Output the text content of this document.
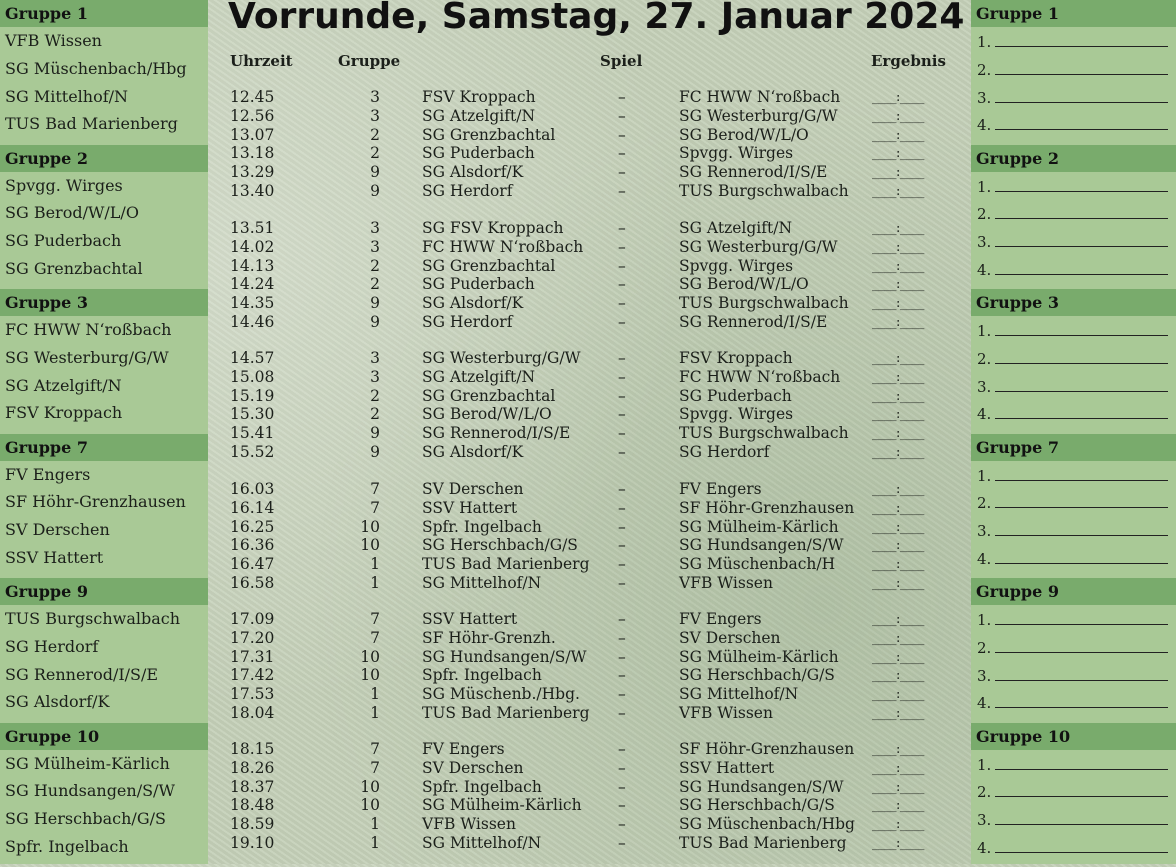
Gruppe 1
VFB Wissen
SG Müschenbach/Hbg
SG Mittelhof/N
TUS Bad Marienberg
Gruppe 2
Spvgg. Wirges
SG Berod/W/L/O
SG Puderbach
SG Grenzbachtal
Gruppe 3
FC HWW N‘roßbach
SG Westerburg/G/W
SG Atzelgift/N
FSV Kroppach
Gruppe 7
FV Engers
SF Höhr-Grenzhausen
SV Derschen
SSV Hattert
Gruppe 9
TUS Burgschwalbach
SG Herdorf
SG Rennerod/I/S/E
SG Alsdorf/K
Gruppe 10
SG Mülheim-Kärlich
SG Hundsangen/S/W
SG Herschbach/G/S
Spfr. Ingelbach
Gruppe 1
1.
2.
3.
4.
Gruppe 2
1.
2.
3.
4.
Gruppe 3
1.
2.
3.
4.
Gruppe 7
1.
2.
3.
4.
Gruppe 9
1.
2.
3.
4.
Gruppe 10
1.
2.
3.
4.
Vorrunde, Samstag, 27. Januar 2024
Uhrzeit	Gruppe	Spiel	Ergebnis
12.45	3	FSV Kroppach	–	FC HWW N‘roßbach ____:____
12.56	3	SG Atzelgift/N	–	SG Westerburg/G/W	____:____
13.07	2	SG Grenzbachtal	–	SG Berod/W/L/O	____:____
13.18	2	SG Puderbach	–	Spvgg. Wirges	____:____
13.29	9	SG Alsdorf/K	–	SG Rennerod/I/S/E	____:____
13.40	9	SG Herdorf	–	TUS Burgschwalbach ____:____
13.51	3	SG FSV Kroppach	–	SG Atzelgift/N	____:____
14.02	3	FC HWW N‘roßbach –	SG Westerburg/G/W	____:____
14.13	2	SG Grenzbachtal	–	Spvgg. Wirges	____:____
14.24	2	SG Puderbach	–	SG Berod/W/L/O	____:____
14.35	9	SG Alsdorf/K	–	TUS Burgschwalbach ____:____
14.46	9	SG Herdorf	–	SG Rennerod/I/S/E	____:____
14.57	3	SG Westerburg/G/W –	FSV Kroppach	____:____
15.08	3	SG Atzelgift/N	–	FC HWW N‘roßbach ____:____
15.19	2	SG Grenzbachtal	–	SG Puderbach	____:____
15.30	2	SG Berod/W/L/O	–	Spvgg. Wirges	____:____
15.41	9	SG Rennerod/I/S/E	–	TUS Burgschwalbach ____:____
15.52	9	SG Alsdorf/K	–	SG Herdorf	____:____
16.03	7	SV Derschen	–	FV Engers	____:____
16.14	7	SSV Hattert	–	SF Höhr-Grenzhausen ____:____
16.25	10	Spfr. Ingelbach	–	SG Mülheim-Kärlich	____:____
16.36	10	SG Herschbach/G/S	–	SG Hundsangen/S/W ____:____
16.47	1	TUS Bad Marienberg –	SG Müschenbach/H	____:____
16.58	1	SG Mittelhof/N	–	VFB Wissen	____:____
17.09	7	SSV Hattert	–	FV Engers	____:____
17.20	7	SF Höhr-Grenzh.	–	SV Derschen	____:____
17.31	10	SG Hundsangen/S/W –	SG Mülheim-Kärlich	____:____
17.42	10	Spfr. Ingelbach	–	SG Herschbach/G/S	____:____
17.53	1	SG Müschenb./Hbg. –	SG Mittelhof/N	____:____
18.04	1	TUS Bad Marienberg –	VFB Wissen	____:____
18.15	7	FV Engers	–	SF Höhr-Grenzhausen ____:____
18.26	7	SV Derschen	–	SSV Hattert	____:____
18.37	10	Spfr. Ingelbach	–	SG Hundsangen/S/W ____:____
18.48	10	SG Mülheim-Kärlich –	SG Herschbach/G/S	____:____
18.59	1	VFB Wissen	–	SG Müschenbach/Hbg ____:____
19.10	1	SG Mittelhof/N	–	TUS Bad Marienberg ____:____
